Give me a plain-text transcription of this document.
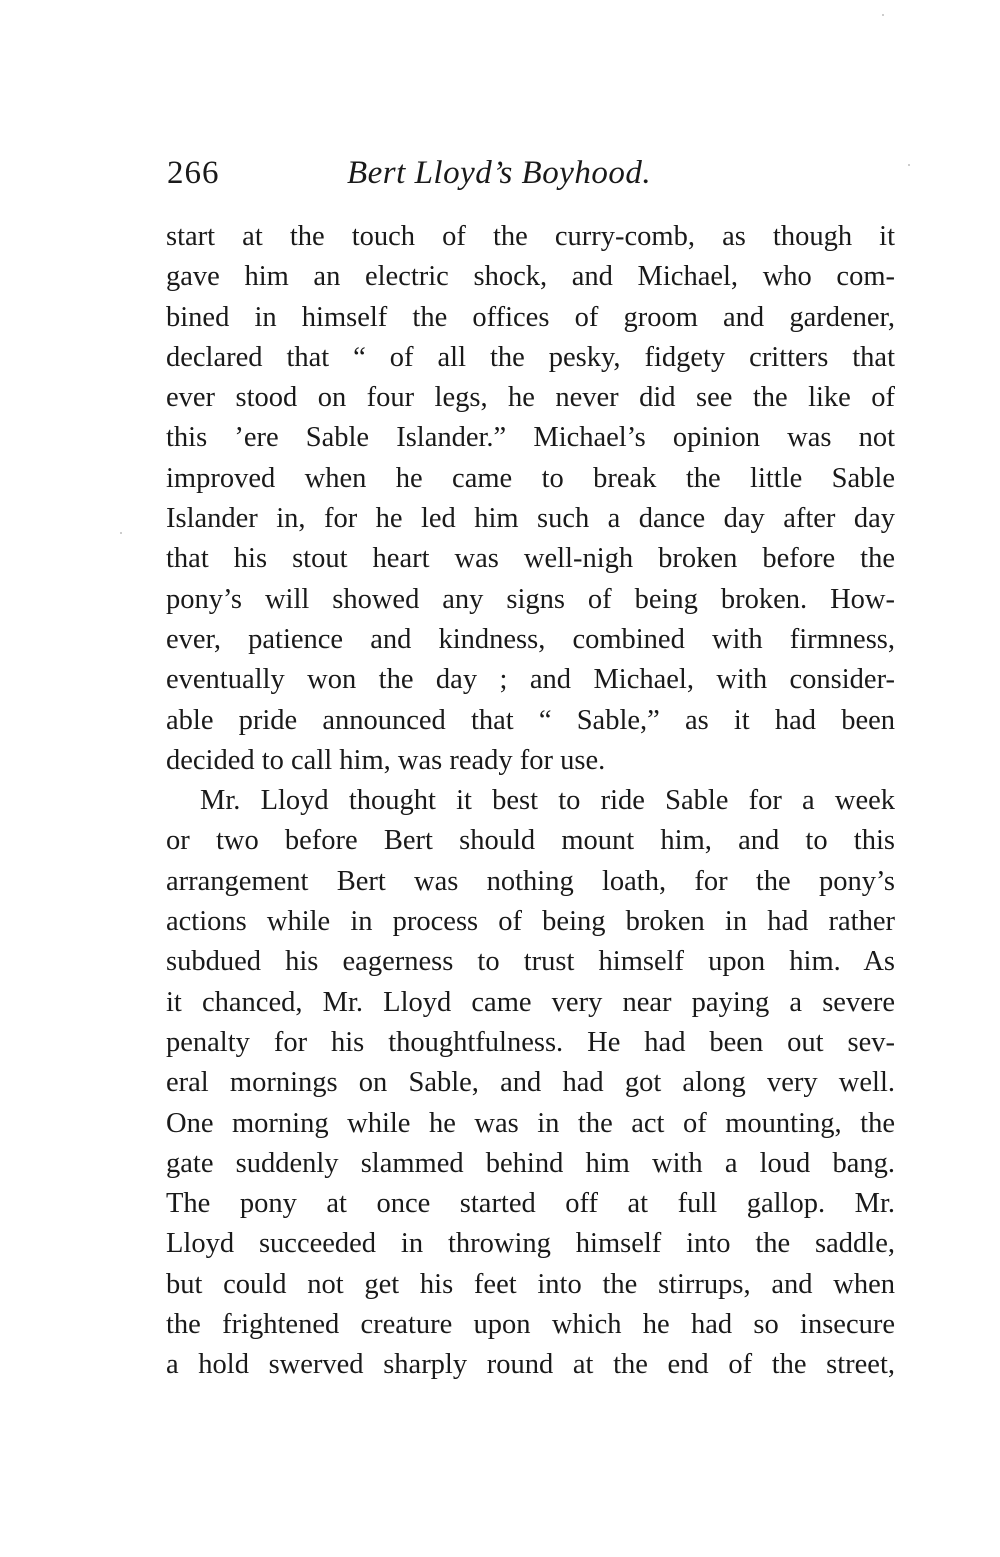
266	Bert Lloyd’s Boyhood.
start at the touch of the curry-comb, as though it
gave him an electric shock, and Michael, who com-
bined in himself the offices of groom and gardener,
declared that “ of all the pesky, fidgety critters that
ever stood on four legs, he never did see the like of
this ’ere Sable Islander.” Michael’s opinion was not
improved when he came to break the little Sable
Islander in, for he led him such a dance day after day
that his stout heart was well-nigh broken before the
pony’s will showed any signs of being broken. How-
ever, patience and kindness, combined with firmness,
eventually won the day ; and Michael, with consider-
able pride announced that “ Sable,” as it had been
decided to call him, was ready for use.
Mr. Lloyd thought it best to ride Sable for a week
or two before Bert should mount him, and to this
arrangement Bert was nothing loath, for the pony’s
actions while in process of being broken in had rather
subdued his eagerness to trust himself upon him. As
it chanced, Mr. Lloyd came very near paying a severe
penalty for his thoughtfulness. He had been out sev-
eral mornings on Sable, and had got along very well.
One morning while he was in the act of mounting, the
gate suddenly slammed behind him with a loud bang.
The pony at once started off at full gallop. Mr.
Lloyd succeeded in throwing himself into the saddle,
but could not get his feet into the stirrups, and when
the frightened creature upon which he had so insecure
a hold swerved sharply round at the end of the street,
